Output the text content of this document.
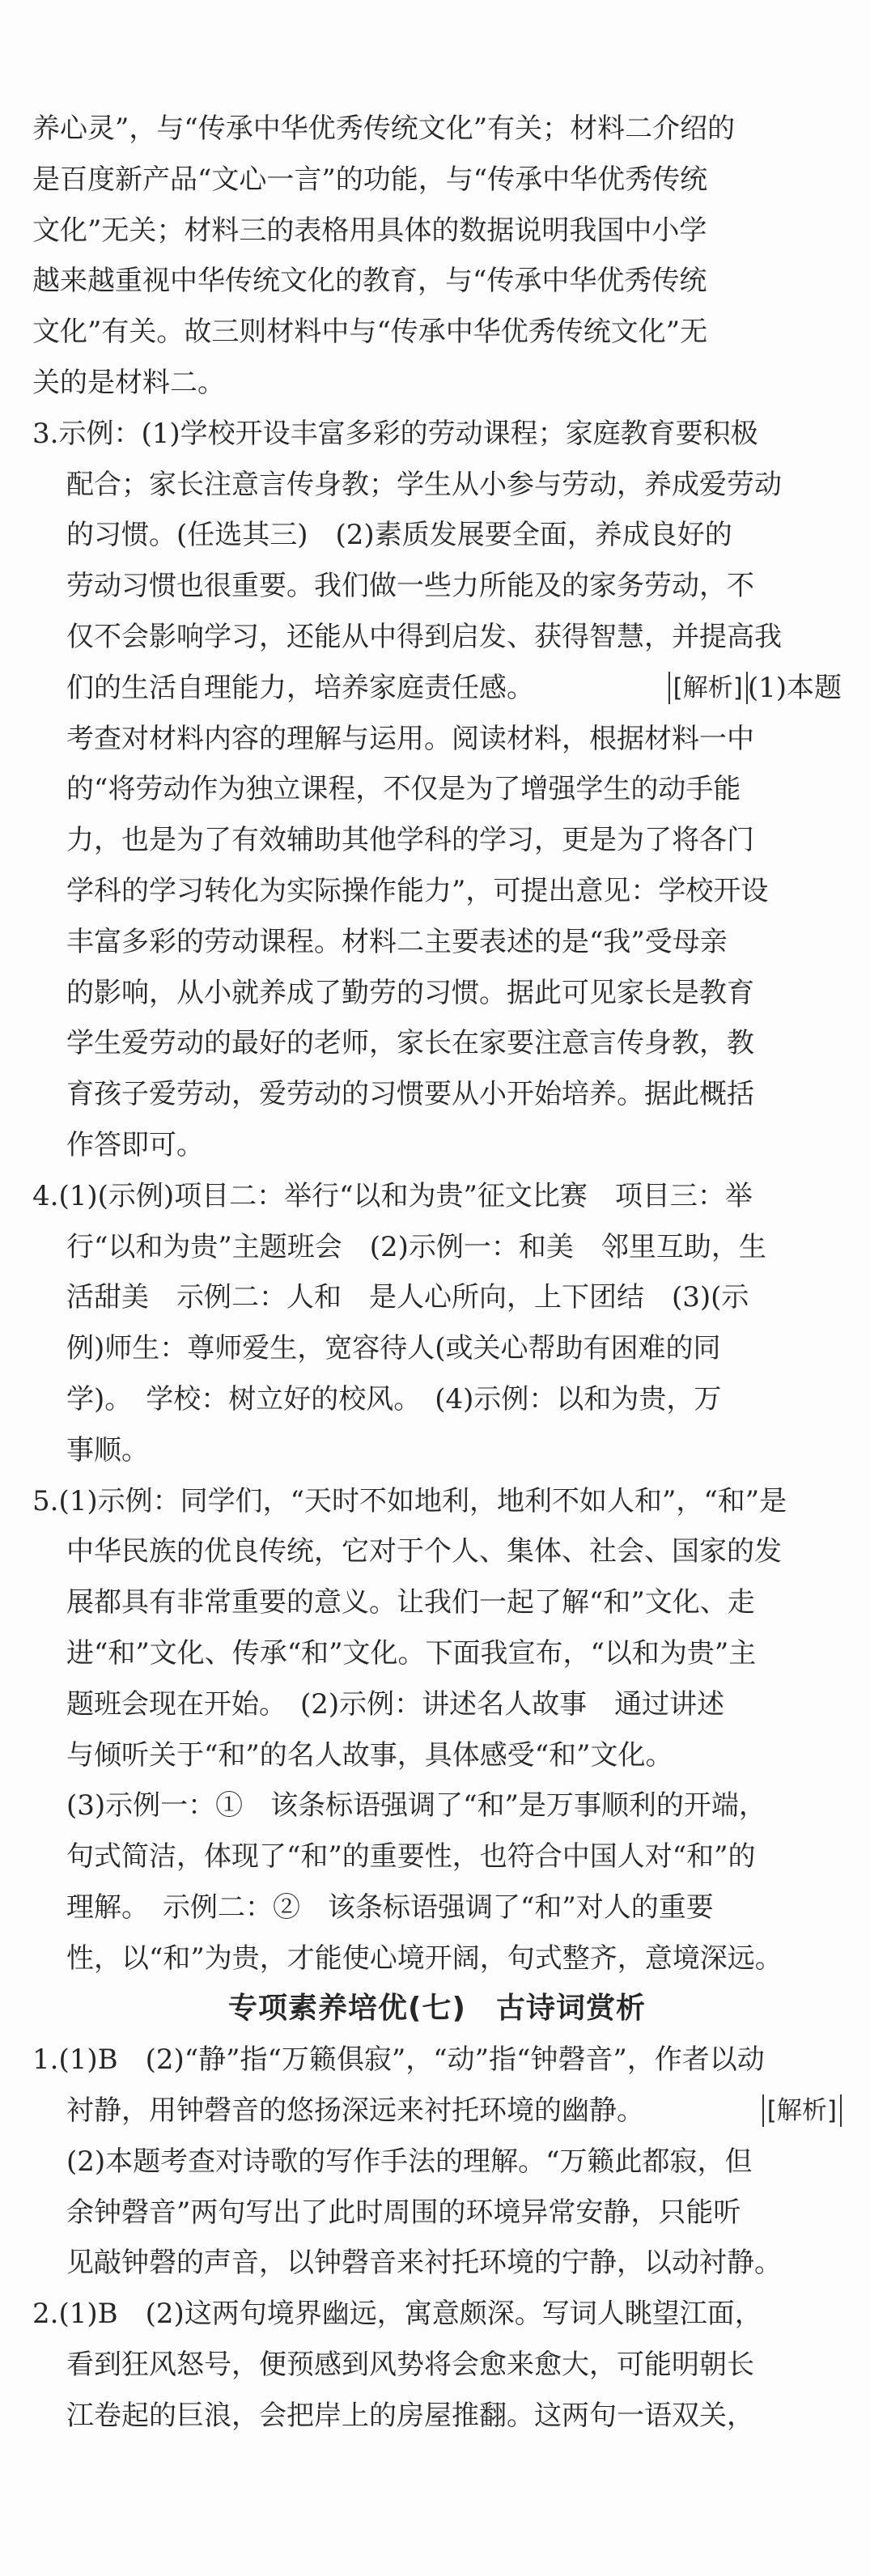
养心灵”，与“传承中华优秀传统文化”有关；材料二介绍的
是百度新产品“文心一言”的功能，与“传承中华优秀传统
文化”无关；材料三的表格用具体的数据说明我国中小学
越来越重视中华传统文化的教育，与“传承中华优秀传统
文化”有关。故三则材料中与“传承中华优秀传统文化”无
关的是材料二。
3.示例：(1)学校开设丰富多彩的劳动课程；家庭教育要积极
配合；家长注意言传身教；学生从小参与劳动，养成爱劳动
的习惯。(任选其三)　(2)素质发展要全面，养成良好的
劳动习惯也很重要。我们做一些力所能及的家务劳动，不
仅不会影响学习，还能从中得到启发、获得智慧，并提高我
们的生活自理能力，培养家庭责任感。	[解析] (1)本题
考查对材料内容的理解与运用。阅读材料，根据材料一中
的“将劳动作为独立课程，不仅是为了增强学生的动手能
力，也是为了有效辅助其他学科的学习，更是为了将各门
学科的学习转化为实际操作能力”，可提出意见：学校开设
丰富多彩的劳动课程。材料二主要表述的是“我”受母亲
的影响，从小就养成了勤劳的习惯。据此可见家长是教育
学生爱劳动的最好的老师，家长在家要注意言传身教，教
育孩子爱劳动，爱劳动的习惯要从小开始培养。据此概括
作答即可。
4.(1)(示例)项目二：举行“以和为贵”征文比赛　项目三：举
行“以和为贵”主题班会　(2)示例一：和美　邻里互助，生
活甜美　示例二：人和　是人心所向，上下团结　(3)(示
例)师生：尊师爱生，宽容待人(或关心帮助有困难的同
学)。　学校：树立好的校风。　(4)示例：以和为贵，万
事顺。
5.(1)示例：同学们，“天时不如地利，地利不如人和”，“和”是
中华民族的优良传统，它对于个人、集体、社会、国家的发
展都具有非常重要的意义。让我们一起了解“和”文化、走
进“和”文化、传承“和”文化。下面我宣布，“以和为贵”主
题班会现在开始。　(2)示例：讲述名人故事　通过讲述
与倾听关于“和”的名人故事，具体感受“和”文化。
(3)示例一：①　该条标语强调了“和”是万事顺利的开端，
句式简洁，体现了“和”的重要性，也符合中国人对“和”的
理解。　示例二：②　该条标语强调了“和”对人的重要
性，以“和”为贵，才能使心境开阔，句式整齐，意境深远。
专项素养培优(七)　古诗词赏析
1.(1)B　(2)“静”指“万籁俱寂”，“动”指“钟磬音”，作者以动
衬静，用钟磬音的悠扬深远来衬托环境的幽静。	[解析]
(2)本题考查对诗歌的写作手法的理解。“万籁此都寂，但
余钟磬音”两句写出了此时周围的环境异常安静，只能听
见敲钟磬的声音，以钟磬音来衬托环境的宁静，以动衬静。
2.(1)B　(2)这两句境界幽远，寓意颇深。写词人眺望江面，
看到狂风怒号，便预感到风势将会愈来愈大，可能明朝长
江卷起的巨浪，会把岸上的房屋推翻。这两句一语双关，
